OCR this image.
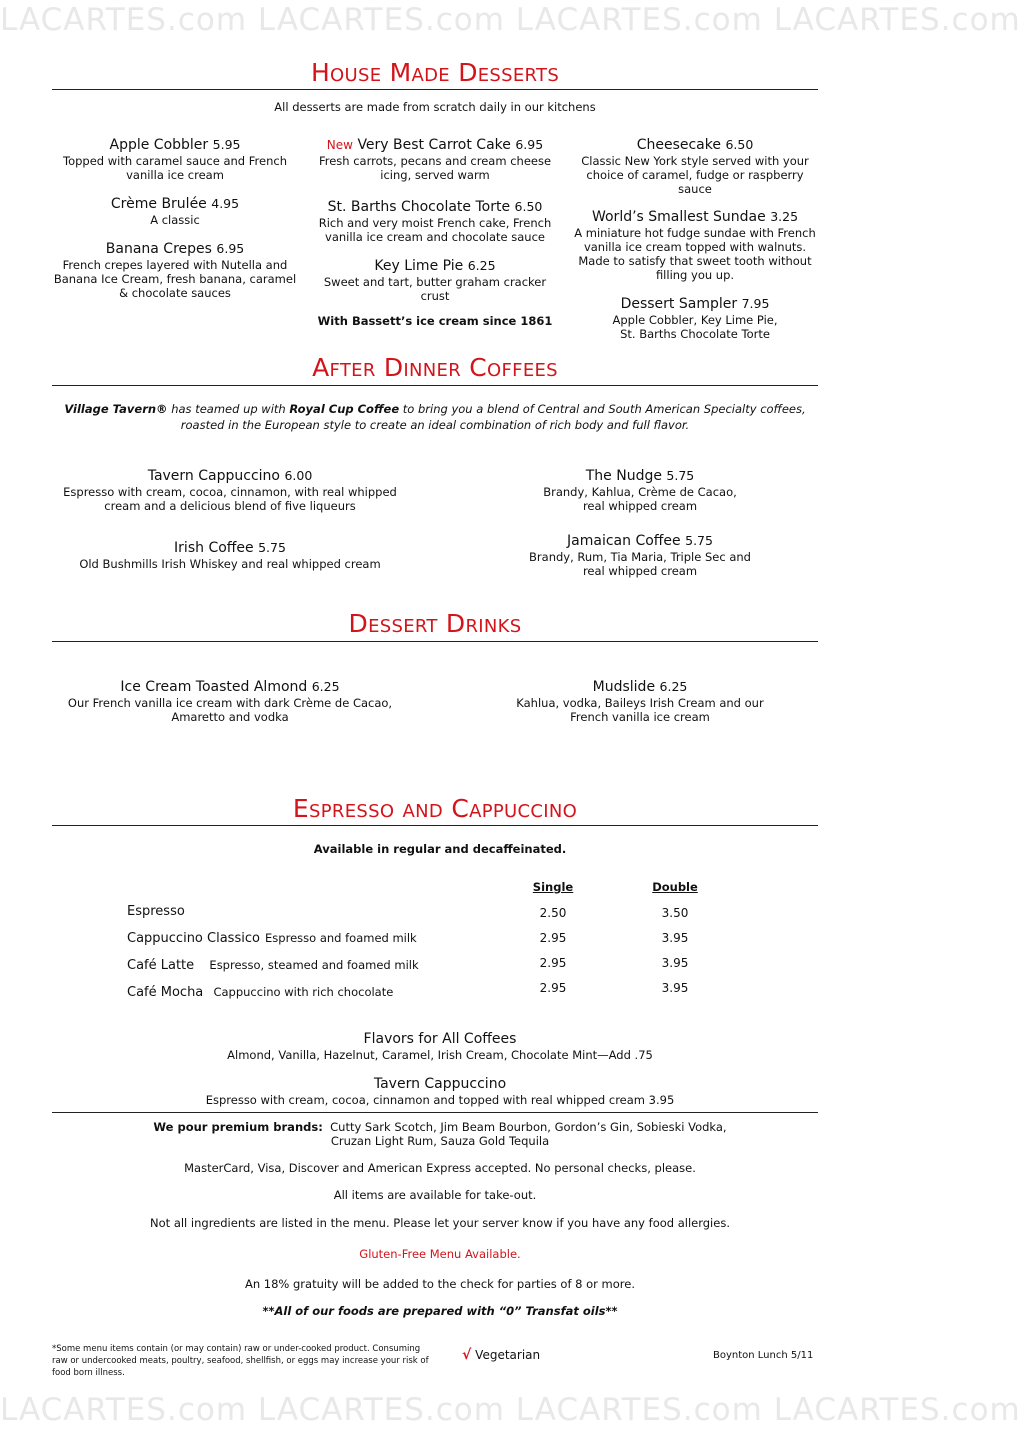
LACARTES.com LACARTES.com LACARTES.com LACARTES.com
LACARTES.com LACARTES.com LACARTES.com LACARTES.com
House Made Desserts
All desserts are made from scratch daily in our kitchens
Apple Cobbler 5.95
Topped with caramel sauce and French
vanilla ice cream
Crème Brulée 4.95
A classic
Banana Crepes 6.95
French crepes layered with Nutella and
Banana Ice Cream, fresh banana, caramel
& chocolate sauces
New Very Best Carrot Cake 6.95
Fresh carrots, pecans and cream cheese
icing, served warm
St. Barths Chocolate Torte 6.50
Rich and very moist French cake, French
vanilla ice cream and chocolate sauce
Key Lime Pie 6.25
Sweet and tart, butter graham cracker
crust
With Bassett’s ice cream since 1861
Cheesecake 6.50
Classic New York style served with your
choice of caramel, fudge or raspberry
sauce
World’s Smallest Sundae 3.25
A miniature hot fudge sundae with French
vanilla ice cream topped with walnuts.
Made to satisfy that sweet tooth without
filling you up.
Dessert Sampler 7.95
Apple Cobbler, Key Lime Pie,
St. Barths Chocolate Torte
After Dinner Coffees
Village Tavern® has teamed up with Royal Cup Coffee to bring you a blend of Central and South American Specialty coffees,
roasted in the European style to create an ideal combination of rich body and full flavor.
Tavern Cappuccino 6.00
Espresso with cream, cocoa, cinnamon, with real whipped
cream and a delicious blend of five liqueurs
Irish Coffee 5.75
Old Bushmills Irish Whiskey and real whipped cream
The Nudge 5.75
Brandy, Kahlua, Crème de Cacao,
real whipped cream
Jamaican Coffee 5.75
Brandy, Rum, Tia Maria, Triple Sec and
real whipped cream
Dessert Drinks
Ice Cream Toasted Almond 6.25
Our French vanilla ice cream with dark Crème de Cacao,
Amaretto and vodka
Mudslide 6.25
Kahlua, vodka, Baileys Irish Cream and our
French vanilla ice cream
Espresso and Cappuccino
Available in regular and decaffeinated.
Single	Double
Espresso	2.50	3.50
Cappuccino Classico Espresso and foamed milk	2.95	3.95
Café Latte Espresso, steamed and foamed milk	2.95	3.95
Café Mocha Cappuccino with rich chocolate	2.95	3.95
Flavors for All Coffees
Almond, Vanilla, Hazelnut, Caramel, Irish Cream, Chocolate Mint—Add .75
Tavern Cappuccino
Espresso with cream, cocoa, cinnamon and topped with real whipped cream 3.95
We pour premium brands: Cutty Sark Scotch, Jim Beam Bourbon, Gordon’s Gin, Sobieski Vodka,
Cruzan Light Rum, Sauza Gold Tequila
MasterCard, Visa, Discover and American Express accepted. No personal checks, please.
All items are available for take-out.
Not all ingredients are listed in the menu. Please let your server know if you have any food allergies.
Gluten-Free Menu Available.
An 18% gratuity will be added to the check for parties of 8 or more.
**All of our foods are prepared with “0” Transfat oils**
*Some menu items contain (or may contain) raw or under-cooked product. Consuming
raw or undercooked meats, poultry, seafood, shellfish, or eggs may increase your risk of
food born illness.
√ Vegetarian	Boynton Lunch 5/11
